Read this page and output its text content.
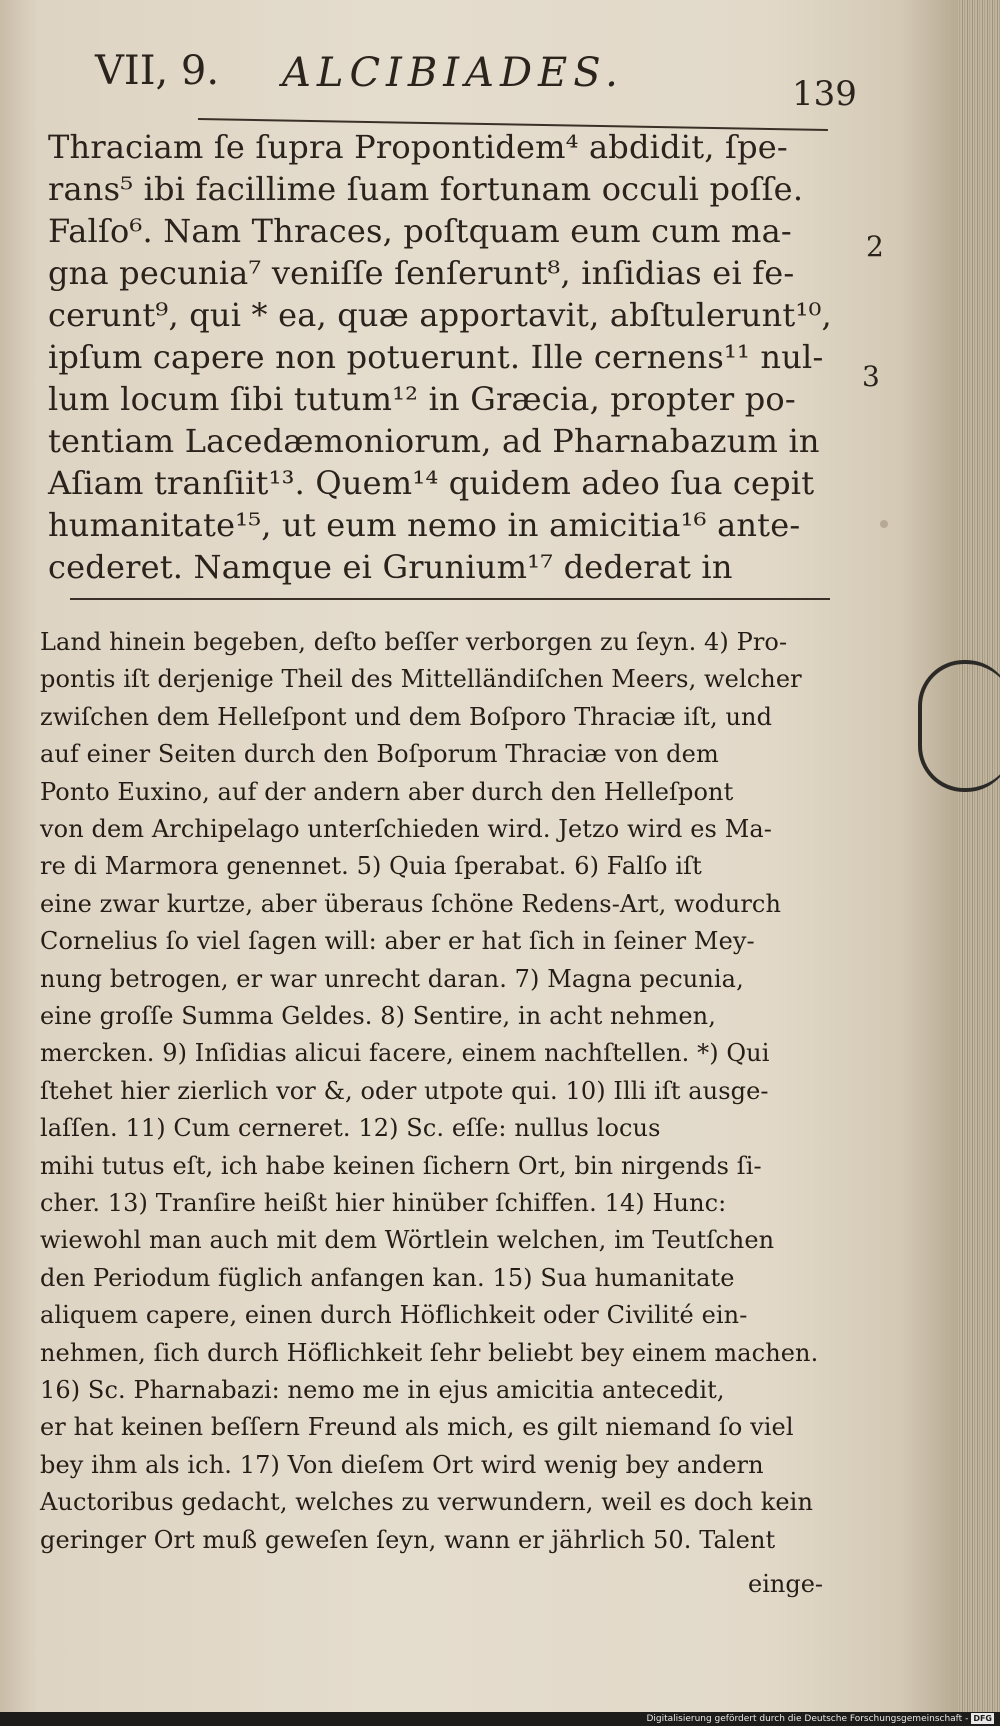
VII, 9. ALCIBIADES.	139
Thraciam ſe ſupra Propontidem⁴ abdidit, ſpe-
rans⁵ ibi facillime ſuam fortunam occuli poſſe.
Falſo⁶. Nam Thraces, poſtquam eum cum ma-
gna pecunia⁷ veniſſe ſenſerunt⁸, inſidias ei fe-
cerunt⁹, qui * ea, quæ apportavit, abſtulerunt¹⁰,
ipſum capere non potuerunt. Ille cernens¹¹ nul-
lum locum ſibi tutum¹² in Græcia, propter po-
tentiam Lacedæmoniorum, ad Pharnabazum in
Aſiam tranſiit¹³. Quem¹⁴ quidem adeo ſua cepit
humanitate¹⁵, ut eum nemo in amicitia¹⁶ ante-
cederet. Namque ei Grunium¹⁷ dederat in
2
3
Land hinein begeben, deſto beſſer verborgen zu ſeyn. 4) Pro-
pontis iſt derjenige Theil des Mittelländiſchen Meers, welcher
zwiſchen dem Helleſpont und dem Boſporo Thraciæ iſt, und
auf einer Seiten durch den Boſporum Thraciæ von dem
Ponto Euxino, auf der andern aber durch den Helleſpont
von dem Archipelago unterſchieden wird. Jetzo wird es Ma-
re di Marmora genennet. 5) Quia ſperabat. 6) Falſo iſt
eine zwar kurtze, aber überaus ſchöne Redens-Art, wodurch
Cornelius ſo viel ſagen will: aber er hat ſich in ſeiner Mey-
nung betrogen, er war unrecht daran. 7) Magna pecunia,
eine groſſe Summa Geldes. 8) Sentire, in acht nehmen,
mercken. 9) Inſidias alicui facere, einem nachſtellen. *) Qui
ſtehet hier zierlich vor &, oder utpote qui. 10) Illi iſt ausge-
laſſen. 11) Cum cerneret. 12) Sc. eſſe: nullus locus
mihi tutus eſt, ich habe keinen ſichern Ort, bin nirgends ſi-
cher. 13) Tranſire heißt hier hinüber ſchiffen. 14) Hunc:
wiewohl man auch mit dem Wörtlein welchen, im Teutſchen
den Periodum füglich anfangen kan. 15) Sua humanitate
aliquem capere, einen durch Höflichkeit oder Civilité ein-
nehmen, ſich durch Höflichkeit ſehr beliebt bey einem machen.
16) Sc. Pharnabazi: nemo me in ejus amicitia antecedit,
er hat keinen beſſern Freund als mich, es gilt niemand ſo viel
bey ihm als ich. 17) Von dieſem Ort wird wenig bey andern
Auctoribus gedacht, welches zu verwundern, weil es doch kein
geringer Ort muß geweſen ſeyn, wann er jährlich 50. Talent
einge-
Digitalisierung gefördert durch die Deutsche Forschungsgemeinschaft - DFG
